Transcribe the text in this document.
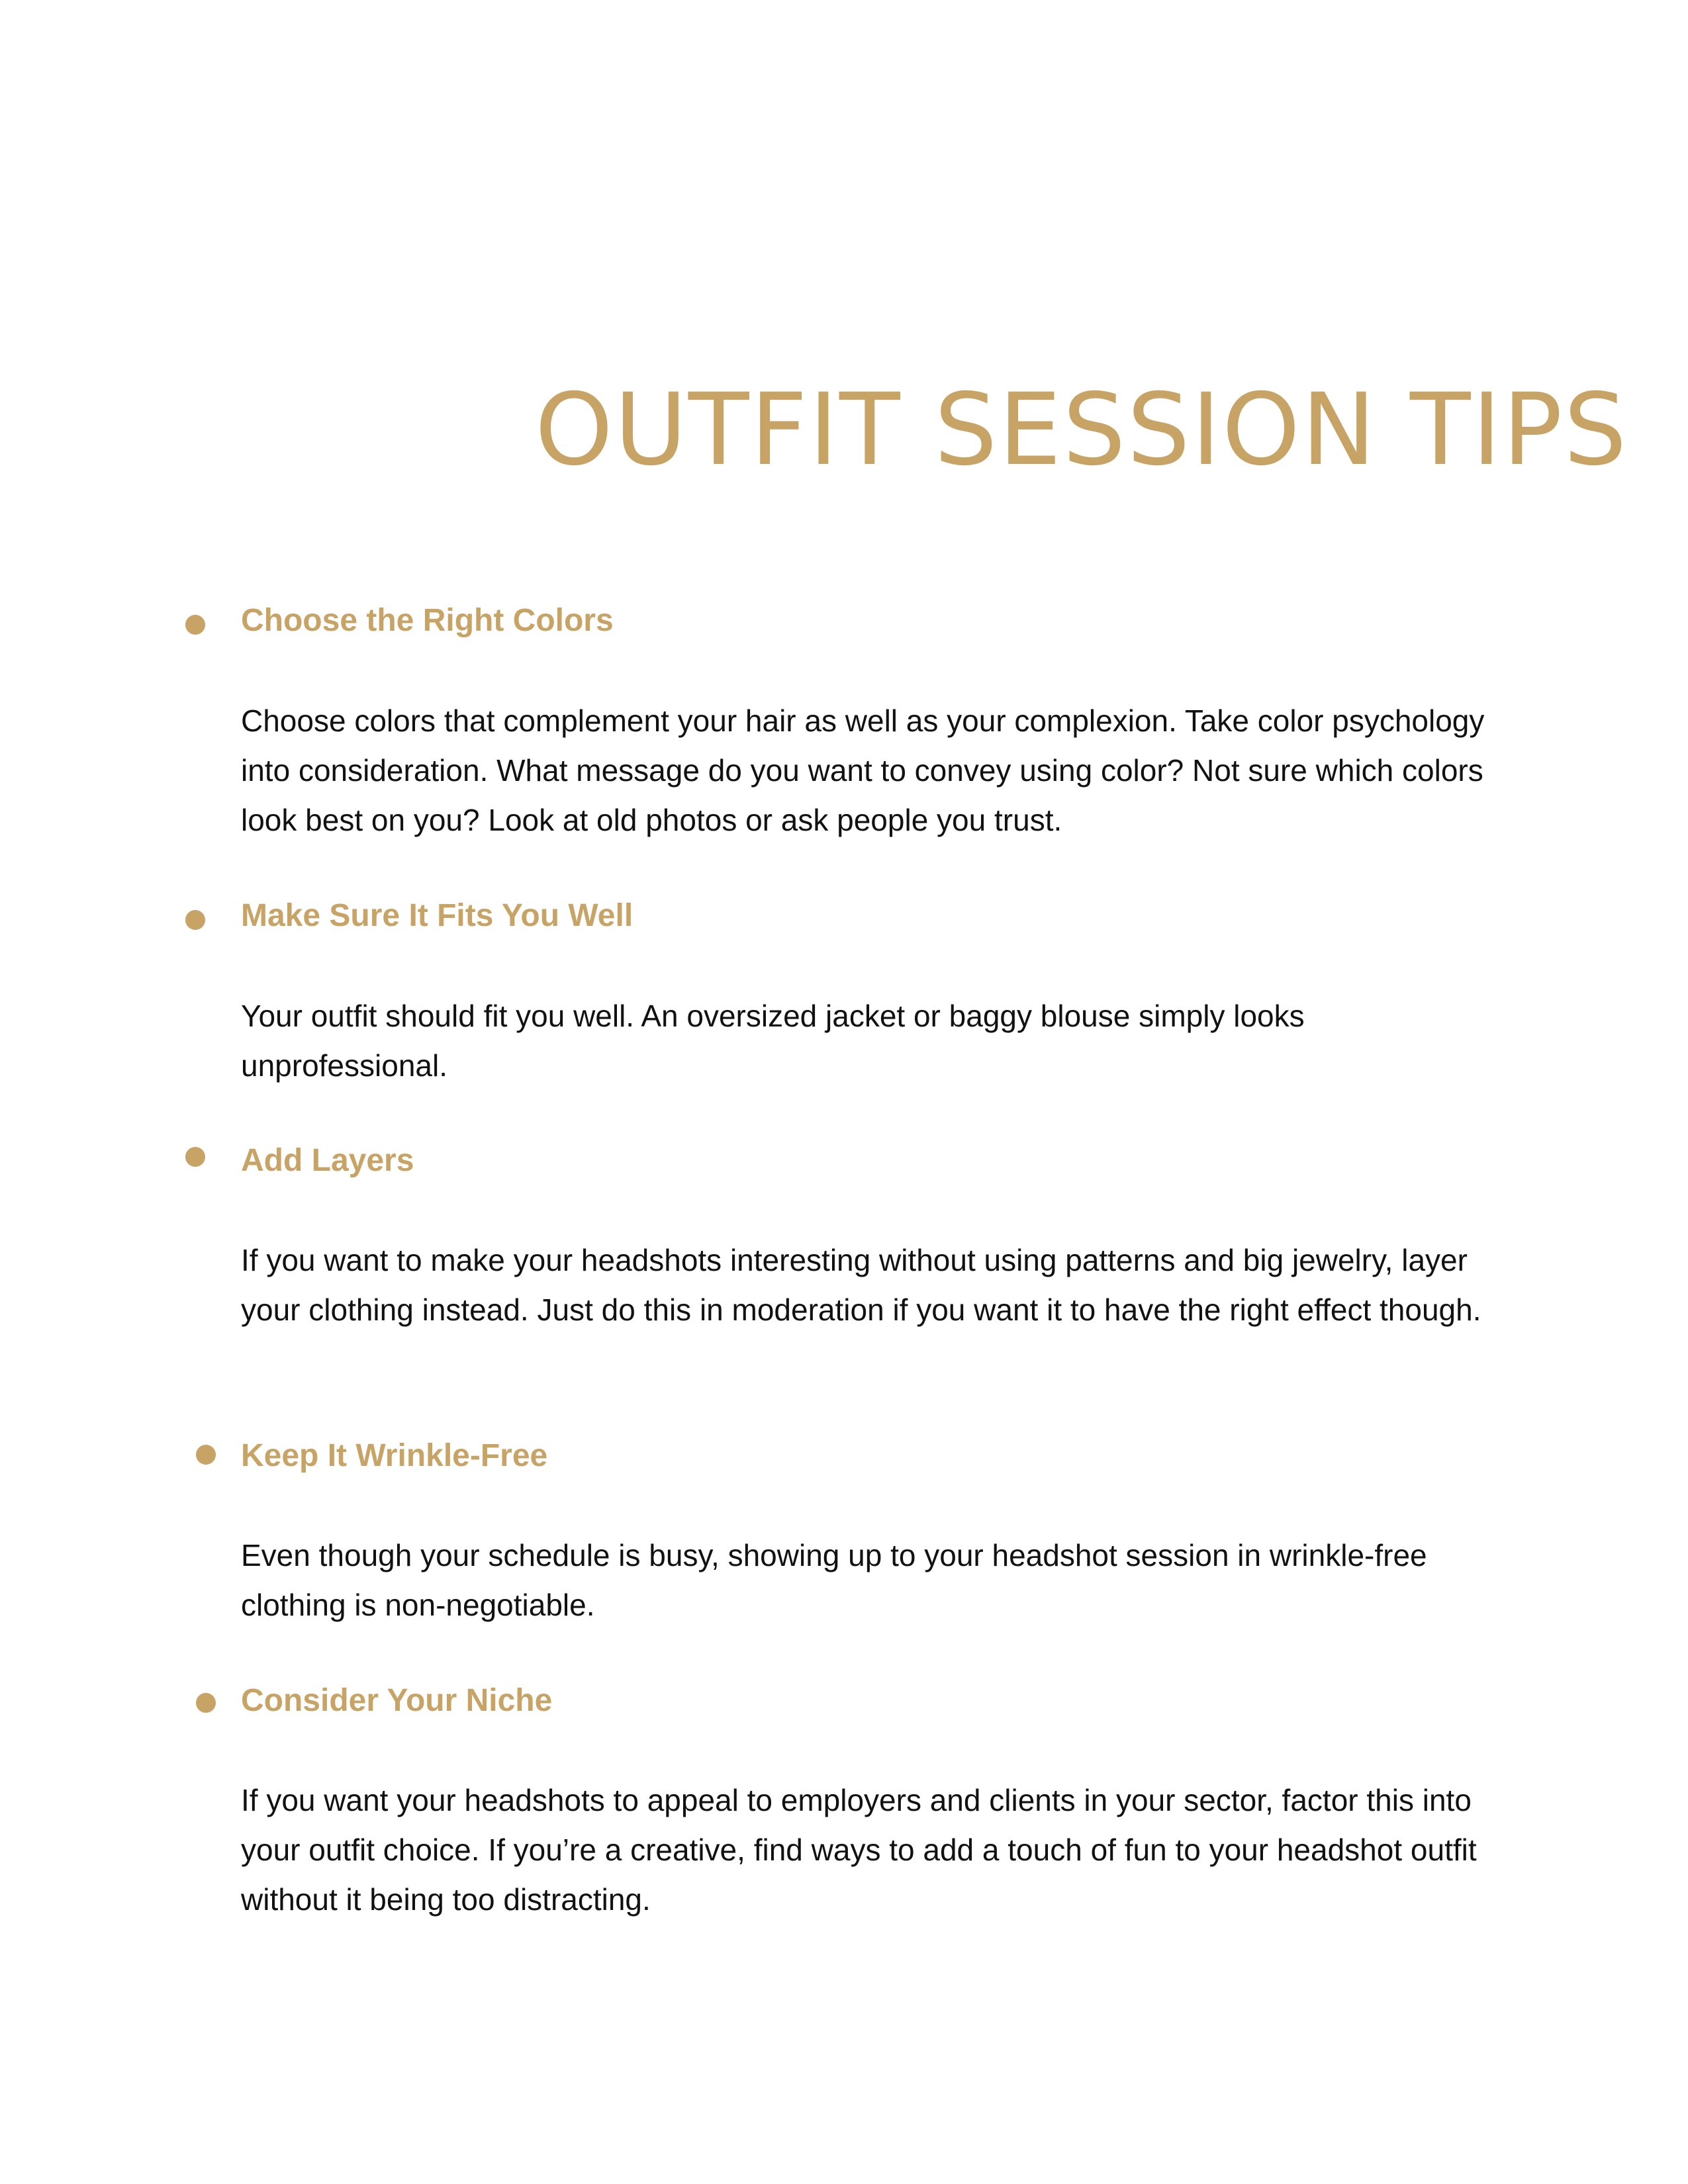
OUTFIT SESSION TIPS
Choose the Right Colors

Choose colors that complement your hair as well as your complexion. Take color psychology into consideration. What message do you want to convey using color? Not sure which colors look best on you? Look at old photos or ask people you trust.

Make Sure It Fits You Well

Your outfit should fit you well. An oversized jacket or baggy blouse simply looks unprofessional.

Add Layers

If you want to make your headshots interesting without using patterns and big jewelry, layer your clothing instead. Just do this in moderation if you want it to have the right effect though.

Keep It Wrinkle-Free

Even though your schedule is busy, showing up to your headshot session in wrinkle-free clothing is non-negotiable.

Consider Your Niche

If you want your headshots to appeal to employers and clients in your sector, factor this into your outfit choice. If you’re a creative, find ways to add a touch of fun to your headshot outfit without it being too distracting.
